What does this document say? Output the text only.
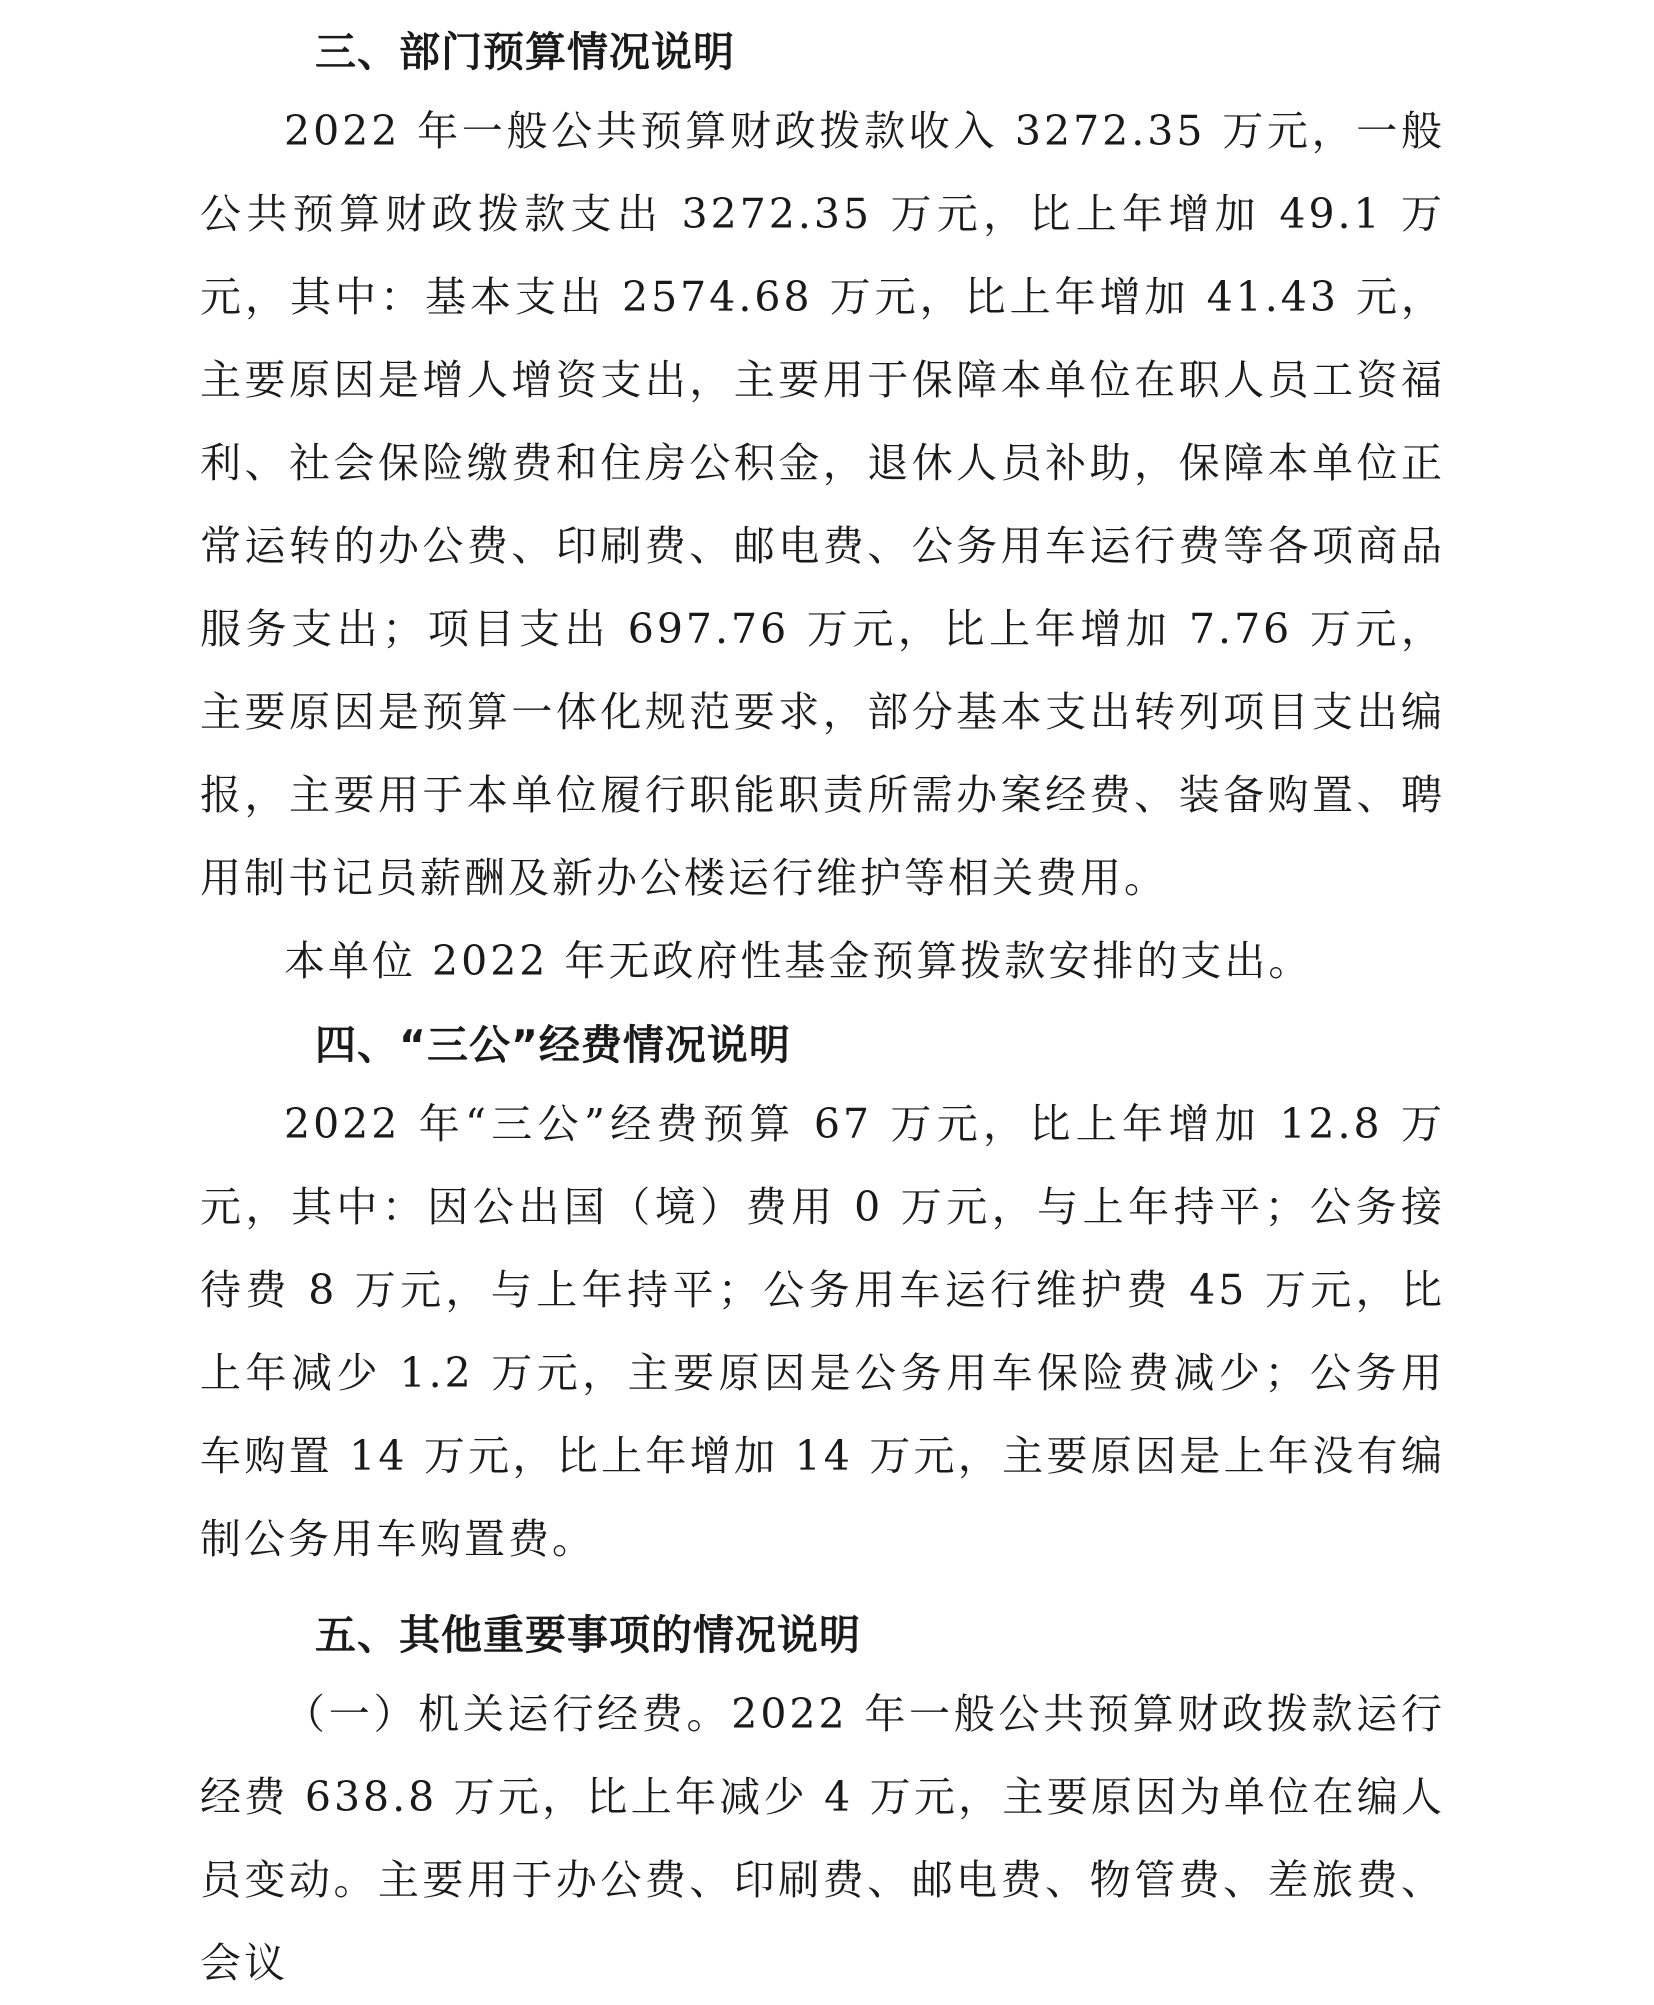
三、部门预算情况说明

2022 年一般公共预算财政拨款收入 3272.35 万元，一般公共预算财政拨款支出 3272.35 万元，比上年增加 49.1 万元，其中：基本支出 2574.68 万元，比上年增加 41.43 元，主要原因是增人增资支出，主要用于保障本单位在职人员工资福利、社会保险缴费和住房公积金，退休人员补助，保障本单位正常运转的办公费、印刷费、邮电费、公务用车运行费等各项商品服务支出；项目支出 697.76 万元，比上年增加 7.76 万元，主要原因是预算一体化规范要求，部分基本支出转列项目支出编报，主要用于本单位履行职能职责所需办案经费、装备购置、聘用制书记员薪酬及新办公楼运行维护等相关费用。

本单位 2022 年无政府性基金预算拨款安排的支出。

四、“三公”经费情况说明

2022 年“三公”经费预算 67 万元，比上年增加 12.8 万元，其中：因公出国（境）费用 0 万元，与上年持平；公务接待费 8 万元，与上年持平；公务用车运行维护费 45 万元，比上年减少 1.2 万元，主要原因是公务用车保险费减少；公务用车购置 14 万元，比上年增加 14 万元，主要原因是上年没有编制公务用车购置费。

五、其他重要事项的情况说明

（一）机关运行经费。2022 年一般公共预算财政拨款运行经费 638.8 万元，比上年减少 4 万元，主要原因为单位在编人员变动。主要用于办公费、印刷费、邮电费、物管费、差旅费、会议
